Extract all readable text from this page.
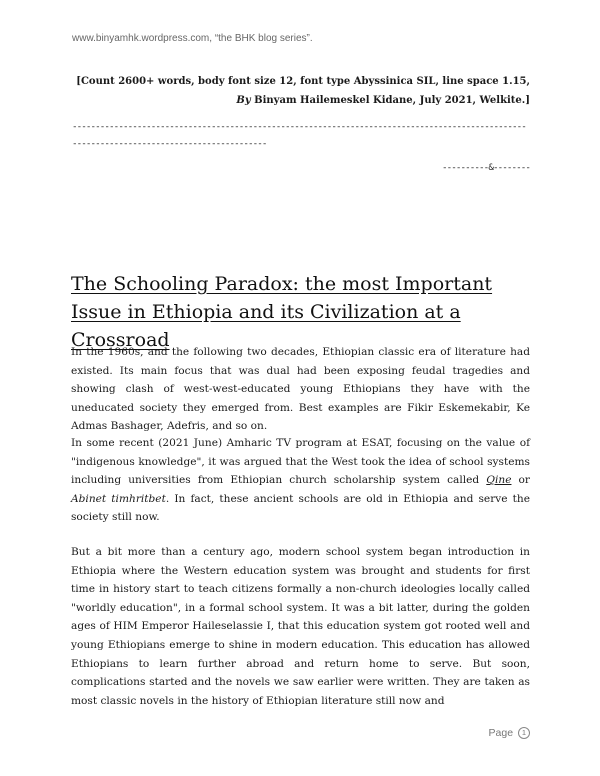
www.binyamhk.wordpress.com, “the BHK blog series”.
[Count 2600+ words, body font size 12, font type Abyssinica SIL, line space 1.15,
By Binyam Hailemeskel Kidane, July 2021, Welkite.]
--------------------------------------------------------------------------------------------------------------------------------------------
----------&--------
The Schooling Paradox: the most Important Issue in Ethiopia and its Civilization at a Crossroad

In the 1960s, and the following two decades, Ethiopian classic era of literature had existed. Its main focus that was dual had been exposing feudal tragedies and showing clash of west-west-educated young Ethiopians they have with the uneducated society they emerged from. Best examples are Fikir Eskemekabir, Ke Admas Bashager, Adefris, and so on.

In some recent (2021 June) Amharic TV program at ESAT, focusing on the value of "indigenous knowledge", it was argued that the West took the idea of school systems including universities from Ethiopian church scholarship system called Qine or Abinet timhritbet. In fact, these ancient schools are old in Ethiopia and serve the society still now.

But a bit more than a century ago, modern school system began introduction in Ethiopia where the Western education system was brought and students for first time in history start to teach citizens formally a non-church ideologies locally called "worldly education", in a formal school system. It was a bit latter, during the golden ages of HIM Emperor Haileselassie I, that this education system got rooted well and young Ethiopians emerge to shine in modern education. This education has allowed Ethiopians to learn further abroad and return home to serve. But soon, complications started and the novels we saw earlier were written. They are taken as most classic novels in the history of Ethiopian literature still now and

Page 1
